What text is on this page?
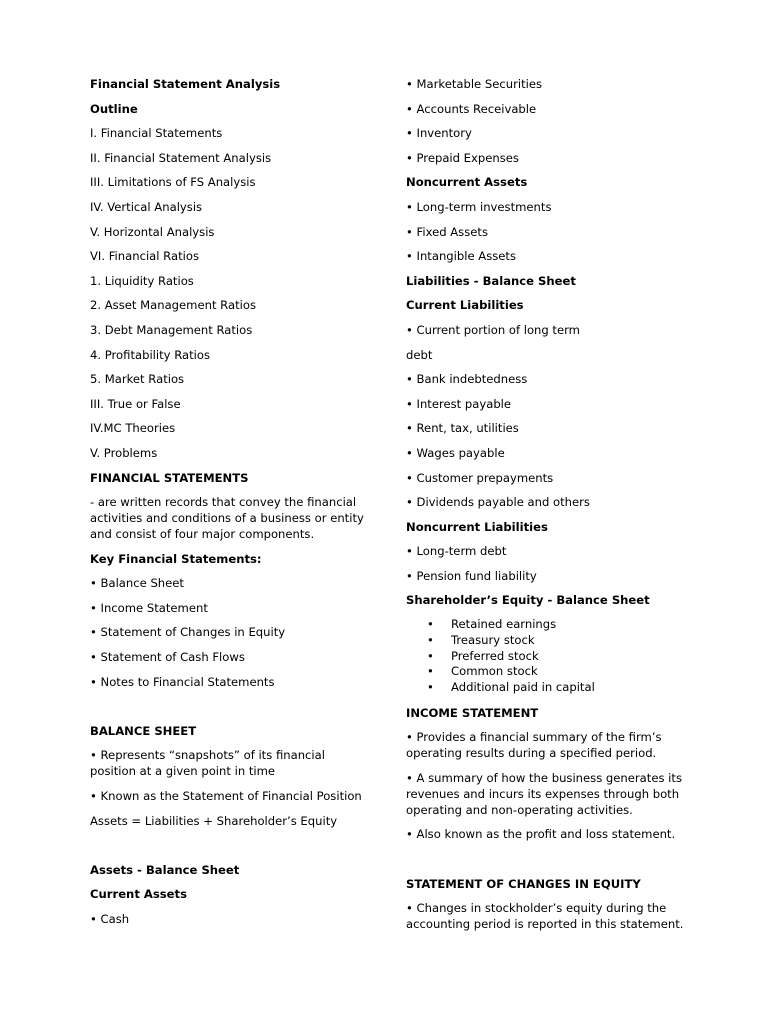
Financial Statement Analysis
Outline
I. Financial Statements
II. Financial Statement Analysis
III. Limitations of FS Analysis
IV. Vertical Analysis
V. Horizontal Analysis
VI. Financial Ratios
1. Liquidity Ratios
2. Asset Management Ratios
3. Debt Management Ratios
4. Profitability Ratios
5. Market Ratios
III. True or False
IV.MC Theories
V. Problems
FINANCIAL STATEMENTS
- are written records that convey the financial activities and conditions of a business or entity and consist of four major components.
Key Financial Statements:
• Balance Sheet
• Income Statement
• Statement of Changes in Equity
• Statement of Cash Flows
• Notes to Financial Statements
BALANCE SHEET
• Represents “snapshots” of its financial position at a given point in time
• Known as the Statement of Financial Position
Assets = Liabilities + Shareholder’s Equity
Assets - Balance Sheet
Current Assets
• Cash
• Marketable Securities
• Accounts Receivable
• Inventory
• Prepaid Expenses
Noncurrent Assets
• Long-term investments
• Fixed Assets
• Intangible Assets
Liabilities - Balance Sheet
Current Liabilities
• Current portion of long term
debt
• Bank indebtedness
• Interest payable
• Rent, tax, utilities
• Wages payable
• Customer prepayments
• Dividends payable and others
Noncurrent Liabilities
• Long-term debt
• Pension fund liability
Shareholder’s Equity - Balance Sheet
• Retained earnings
• Treasury stock
• Preferred stock
• Common stock
• Additional paid in capital
INCOME STATEMENT
• Provides a financial summary of the firm’s operating results during a specified period.
• A summary of how the business generates its revenues and incurs its expenses through both operating and non-operating activities.
• Also known as the profit and loss statement.
STATEMENT OF CHANGES IN EQUITY
• Changes in stockholder’s equity during the accounting period is reported in this statement.
